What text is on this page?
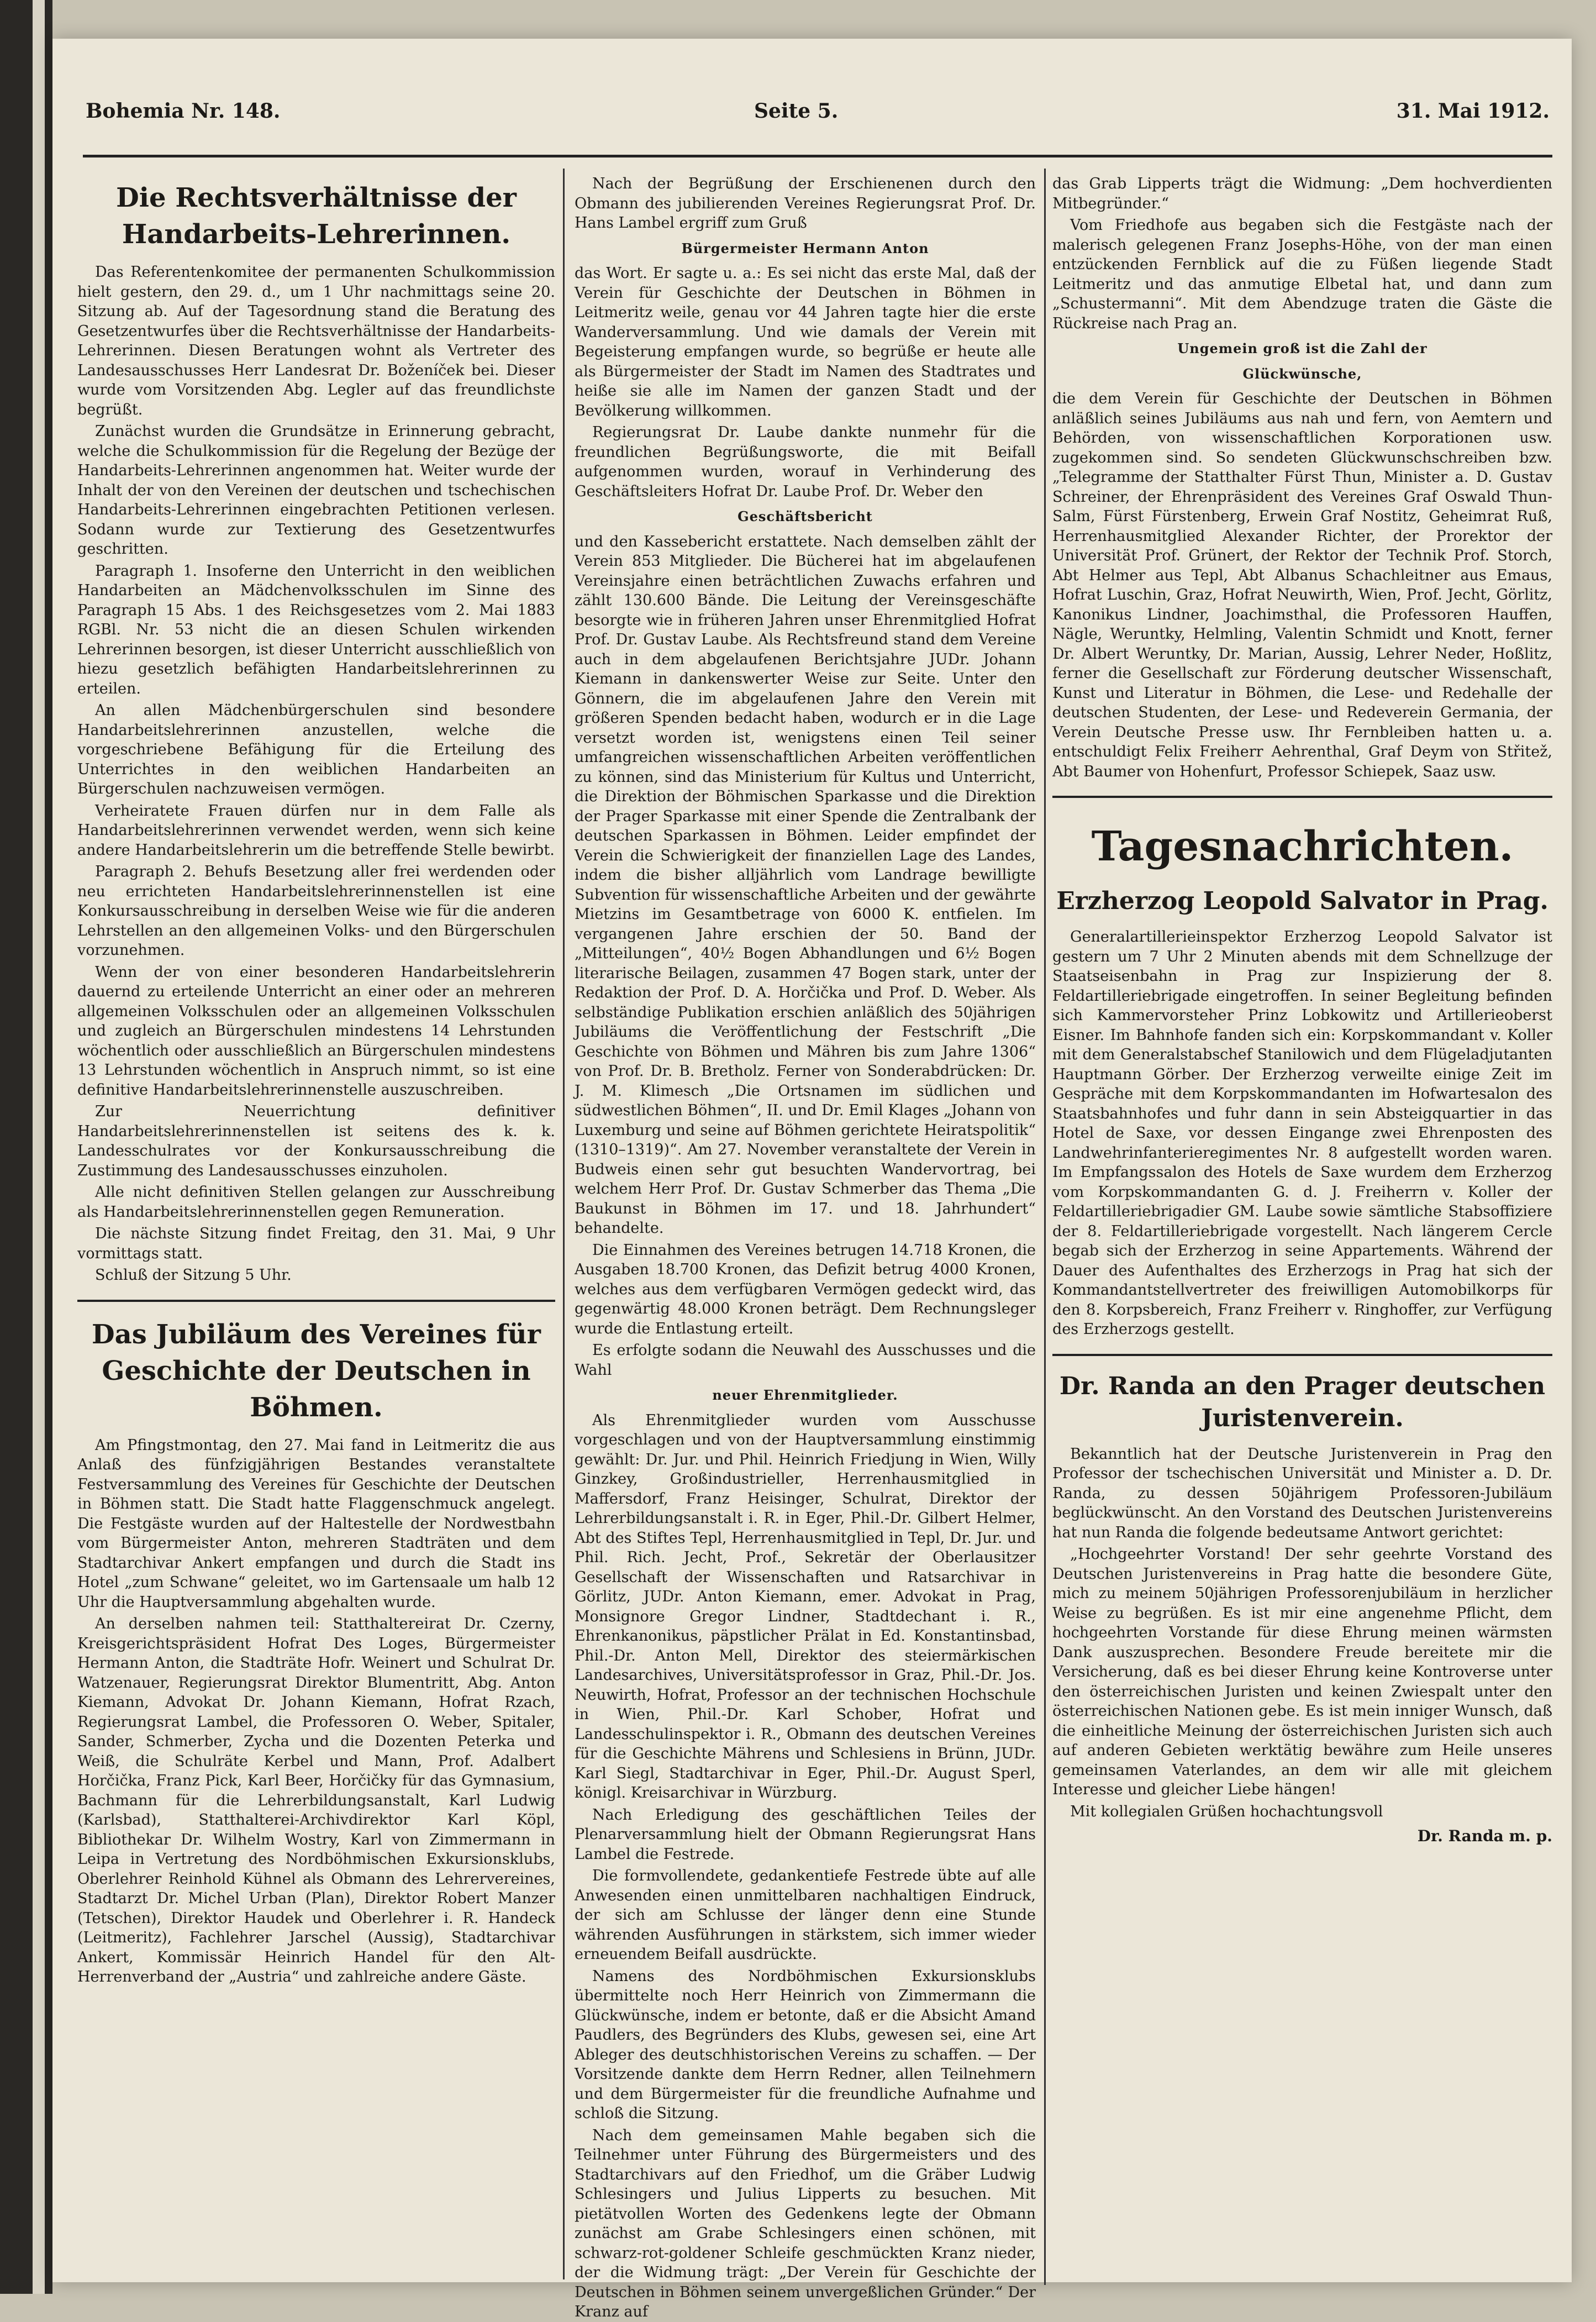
Bohemia Nr. 148.	Seite 5.	31. Mai 1912.
Die Rechtsverhältnisse der Handarbeits-Lehrerinnen.

Das Referentenkomitee der permanenten Schulkommission hielt gestern, den 29. d., um 1 Uhr nachmittags seine 20. Sitzung ab. Auf der Tagesordnung stand die Beratung des Gesetzentwurfes über die Rechtsverhältnisse der Handarbeits-Lehrerinnen. Diesen Beratungen wohnt als Vertreter des Landesausschusses Herr Landesrat Dr. Boženíček bei. Dieser wurde vom Vorsitzenden Abg. Legler auf das freundlichste begrüßt.

Zunächst wurden die Grundsätze in Erinnerung gebracht, welche die Schulkommission für die Regelung der Bezüge der Handarbeits-Lehrerinnen angenommen hat. Weiter wurde der Inhalt der von den Vereinen der deutschen und tschechischen Handarbeits-Lehrerinnen eingebrachten Petitionen verlesen. Sodann wurde zur Textierung des Gesetzentwurfes geschritten.

Paragraph 1. Insoferne den Unterricht in den weiblichen Handarbeiten an Mädchenvolksschulen im Sinne des Paragraph 15 Abs. 1 des Reichsgesetzes vom 2. Mai 1883 RGBl. Nr. 53 nicht die an diesen Schulen wirkenden Lehrerinnen besorgen, ist dieser Unterricht ausschließlich von hiezu gesetzlich befähigten Handarbeitslehrerinnen zu erteilen.

An allen Mädchenbürgerschulen sind besondere Handarbeitslehrerinnen anzustellen, welche die vorgeschriebene Befähigung für die Erteilung des Unterrichtes in den weiblichen Handarbeiten an Bürgerschulen nachzuweisen vermögen.

Verheiratete Frauen dürfen nur in dem Falle als Handarbeitslehrerinnen verwendet werden, wenn sich keine andere Handarbeitslehrerin um die betreffende Stelle bewirbt.

Paragraph 2. Behufs Besetzung aller frei werdenden oder neu errichteten Handarbeitslehrerinnenstellen ist eine Konkursausschreibung in derselben Weise wie für die anderen Lehrstellen an den allgemeinen Volks- und den Bürgerschulen vorzunehmen.

Wenn der von einer besonderen Handarbeitslehrerin dauernd zu erteilende Unterricht an einer oder an mehreren allgemeinen Volksschulen oder an allgemeinen Volksschulen und zugleich an Bürgerschulen mindestens 14 Lehrstunden wöchentlich oder ausschließlich an Bürgerschulen mindestens 13 Lehrstunden wöchentlich in Anspruch nimmt, so ist eine definitive Handarbeitslehrerinnenstelle auszuschreiben.

Zur Neuerrichtung definitiver Handarbeitslehrerinnenstellen ist seitens des k. k. Landesschulrates vor der Konkursausschreibung die Zustimmung des Landesausschusses einzuholen.

Alle nicht definitiven Stellen gelangen zur Ausschreibung als Handarbeitslehrerinnenstellen gegen Remuneration.

Die nächste Sitzung findet Freitag, den 31. Mai, 9 Uhr vormittags statt.

Schluß der Sitzung 5 Uhr.

Das Jubiläum des Vereines für Geschichte der Deutschen in Böhmen.

Am Pfingstmontag, den 27. Mai fand in Leitmeritz die aus Anlaß des fünfzigjährigen Bestandes veranstaltete Festversammlung des Vereines für Geschichte der Deutschen in Böhmen statt. Die Stadt hatte Flaggenschmuck angelegt. Die Festgäste wurden auf der Haltestelle der Nordwestbahn vom Bürgermeister Anton, mehreren Stadträten und dem Stadtarchivar Ankert empfangen und durch die Stadt ins Hotel „zum Schwane“ geleitet, wo im Gartensaale um halb 12 Uhr die Hauptversammlung abgehalten wurde.

An derselben nahmen teil: Statthaltereirat Dr. Czerny, Kreisgerichtspräsident Hofrat Des Loges, Bürgermeister Hermann Anton, die Stadträte Hofr. Weinert und Schulrat Dr. Watzenauer, Regierungsrat Direktor Blumentritt, Abg. Anton Kiemann, Advokat Dr. Johann Kiemann, Hofrat Rzach, Regierungsrat Lambel, die Professoren O. Weber, Spitaler, Sander, Schmerber, Zycha und die Dozenten Peterka und Weiß, die Schulräte Kerbel und Mann, Prof. Adalbert Horčička, Franz Pick, Karl Beer, Horčičky für das Gymnasium, Bachmann für die Lehrerbildungsanstalt, Karl Ludwig (Karlsbad), Statthalterei-Archivdirektor Karl Köpl, Bibliothekar Dr. Wilhelm Wostry, Karl von Zimmermann in Leipa in Vertretung des Nordböhmischen Exkursionsklubs, Oberlehrer Reinhold Kühnel als Obmann des Lehrervereines, Stadtarzt Dr. Michel Urban (Plan), Direktor Robert Manzer (Tetschen), Direktor Haudek und Oberlehrer i. R. Handeck (Leitmeritz), Fachlehrer Jarschel (Aussig), Stadtarchivar Ankert, Kommissär Heinrich Handel für den Alt-Herrenverband der „Austria“ und zahlreiche andere Gäste.

Nach der Begrüßung der Erschienenen durch den Obmann des jubilierenden Vereines Regierungsrat Prof. Dr. Hans Lambel ergriff zum Gruß

Bürgermeister Hermann Anton

das Wort. Er sagte u. a.: Es sei nicht das erste Mal, daß der Verein für Geschichte der Deutschen in Böhmen in Leitmeritz weile, genau vor 44 Jahren tagte hier die erste Wanderversammlung. Und wie damals der Verein mit Begeisterung empfangen wurde, so begrüße er heute alle als Bürgermeister der Stadt im Namen des Stadtrates und heiße sie alle im Namen der ganzen Stadt und der Bevölkerung willkommen.

Regierungsrat Dr. Laube dankte nunmehr für die freundlichen Begrüßungsworte, die mit Beifall aufgenommen wurden, worauf in Verhinderung des Geschäftsleiters Hofrat Dr. Laube Prof. Dr. Weber den

Geschäftsbericht

und den Kassebericht erstattete. Nach demselben zählt der Verein 853 Mitglieder. Die Bücherei hat im abgelaufenen Vereinsjahre einen beträchtlichen Zuwachs erfahren und zählt 130.600 Bände. Die Leitung der Vereinsgeschäfte besorgte wie in früheren Jahren unser Ehrenmitglied Hofrat Prof. Dr. Gustav Laube. Als Rechtsfreund stand dem Vereine auch in dem abgelaufenen Berichtsjahre JUDr. Johann Kiemann in dankenswerter Weise zur Seite. Unter den Gönnern, die im abgelaufenen Jahre den Verein mit größeren Spenden bedacht haben, wodurch er in die Lage versetzt worden ist, wenigstens einen Teil seiner umfangreichen wissenschaftlichen Arbeiten veröffentlichen zu können, sind das Ministerium für Kultus und Unterricht, die Direktion der Böhmischen Sparkasse und die Direktion der Prager Sparkasse mit einer Spende die Zentralbank der deutschen Sparkassen in Böhmen. Leider empfindet der Verein die Schwierigkeit der finanziellen Lage des Landes, indem die bisher alljährlich vom Landrage bewilligte Subvention für wissenschaftliche Arbeiten und der gewährte Mietzins im Gesamtbetrage von 6000 K. entfielen. Im vergangenen Jahre erschien der 50. Band der „Mitteilungen“, 40½ Bogen Abhandlungen und 6½ Bogen literarische Beilagen, zusammen 47 Bogen stark, unter der Redaktion der Prof. D. A. Horčička und Prof. D. Weber. Als selbständige Publikation erschien anläßlich des 50jährigen Jubiläums die Veröffentlichung der Festschrift „Die Geschichte von Böhmen und Mähren bis zum Jahre 1306“ von Prof. Dr. B. Bretholz. Ferner von Sonderabdrücken: Dr. J. M. Klimesch „Die Ortsnamen im südlichen und südwestlichen Böhmen“, II. und Dr. Emil Klages „Johann von Luxemburg und seine auf Böhmen gerichtete Heiratspolitik“ (1310–1319)“. Am 27. November veranstaltete der Verein in Budweis einen sehr gut besuchten Wandervortrag, bei welchem Herr Prof. Dr. Gustav Schmerber das Thema „Die Baukunst in Böhmen im 17. und 18. Jahrhundert“ behandelte.

Die Einnahmen des Vereines betrugen 14.718 Kronen, die Ausgaben 18.700 Kronen, das Defizit betrug 4000 Kronen, welches aus dem verfügbaren Vermögen gedeckt wird, das gegenwärtig 48.000 Kronen beträgt. Dem Rechnungsleger wurde die Entlastung erteilt.

Es erfolgte sodann die Neuwahl des Ausschusses und die Wahl

neuer Ehrenmitglieder.

Als Ehrenmitglieder wurden vom Ausschusse vorgeschlagen und von der Hauptversammlung einstimmig gewählt: Dr. Jur. und Phil. Heinrich Friedjung in Wien, Willy Ginzkey, Großindustrieller, Herrenhausmitglied in Maffersdorf, Franz Heisinger, Schulrat, Direktor der Lehrerbildungsanstalt i. R. in Eger, Phil.-Dr. Gilbert Helmer, Abt des Stiftes Tepl, Herrenhausmitglied in Tepl, Dr. Jur. und Phil. Rich. Jecht, Prof., Sekretär der Oberlausitzer Gesellschaft der Wissenschaften und Ratsarchivar in Görlitz, JUDr. Anton Kiemann, emer. Advokat in Prag, Monsignore Gregor Lindner, Stadtdechant i. R., Ehrenkanonikus, päpstlicher Prälat in Ed. Konstantinsbad, Phil.-Dr. Anton Mell, Direktor des steiermärkischen Landesarchives, Universitätsprofessor in Graz, Phil.-Dr. Jos. Neuwirth, Hofrat, Professor an der technischen Hochschule in Wien, Phil.-Dr. Karl Schober, Hofrat und Landesschulinspektor i. R., Obmann des deutschen Vereines für die Geschichte Mährens und Schlesiens in Brünn, JUDr. Karl Siegl, Stadtarchivar in Eger, Phil.-Dr. August Sperl, königl. Kreisarchivar in Würzburg.

Nach Erledigung des geschäftlichen Teiles der Plenarversammlung hielt der Obmann Regierungsrat Hans Lambel die Festrede.

Die formvollendete, gedankentiefe Festrede übte auf alle Anwesenden einen unmittelbaren nachhaltigen Eindruck, der sich am Schlusse der länger denn eine Stunde währenden Ausführungen in stärkstem, sich immer wieder erneuendem Beifall ausdrückte.

Namens des Nordböhmischen Exkursionsklubs übermittelte noch Herr Heinrich von Zimmermann die Glückwünsche, indem er betonte, daß er die Absicht Amand Paudlers, des Begründers des Klubs, gewesen sei, eine Art Ableger des deutschhistorischen Vereins zu schaffen. — Der Vorsitzende dankte dem Herrn Redner, allen Teilnehmern und dem Bürgermeister für die freundliche Aufnahme und schloß die Sitzung.

Nach dem gemeinsamen Mahle begaben sich die Teilnehmer unter Führung des Bürgermeisters und des Stadtarchivars auf den Friedhof, um die Gräber Ludwig Schlesingers und Julius Lipperts zu besuchen. Mit pietätvollen Worten des Gedenkens legte der Obmann zunächst am Grabe Schlesingers einen schönen, mit schwarz-rot-goldener Schleife geschmückten Kranz nieder, der die Widmung trägt: „Der Verein für Geschichte der Deutschen in Böhmen seinem unvergeßlichen Gründer.“ Der Kranz auf

das Grab Lipperts trägt die Widmung: „Dem hochverdienten Mitbegründer.“

Vom Friedhofe aus begaben sich die Festgäste nach der malerisch gelegenen Franz Josephs-Höhe, von der man einen entzückenden Fernblick auf die zu Füßen liegende Stadt Leitmeritz und das anmutige Elbetal hat, und dann zum „Schustermanni“. Mit dem Abendzuge traten die Gäste die Rückreise nach Prag an.

Ungemein groß ist die Zahl der

Glückwünsche,

die dem Verein für Geschichte der Deutschen in Böhmen anläßlich seines Jubiläums aus nah und fern, von Aemtern und Behörden, von wissenschaftlichen Korporationen usw. zugekommen sind. So sendeten Glückwunschschreiben bzw. „Telegramme der Statthalter Fürst Thun, Minister a. D. Gustav Schreiner, der Ehrenpräsident des Vereines Graf Oswald Thun-Salm, Fürst Fürstenberg, Erwein Graf Nostitz, Geheimrat Ruß, Herrenhausmitglied Alexander Richter, der Prorektor der Universität Prof. Grünert, der Rektor der Technik Prof. Storch, Abt Helmer aus Tepl, Abt Albanus Schachleitner aus Emaus, Hofrat Luschin, Graz, Hofrat Neuwirth, Wien, Prof. Jecht, Görlitz, Kanonikus Lindner, Joachimsthal, die Professoren Hauffen, Nägle, Weruntky, Helmling, Valentin Schmidt und Knott, ferner Dr. Albert Weruntky, Dr. Marian, Aussig, Lehrer Neder, Hoßlitz, ferner die Gesellschaft zur Förderung deutscher Wissenschaft, Kunst und Literatur in Böhmen, die Lese- und Redehalle der deutschen Studenten, der Lese- und Redeverein Germania, der Verein Deutsche Presse usw. Ihr Fernbleiben hatten u. a. entschuldigt Felix Freiherr Aehrenthal, Graf Deym von Střitež, Abt Baumer von Hohenfurt, Professor Schiepek, Saaz usw.

Tagesnachrichten.
Erzherzog Leopold Salvator in Prag.

Generalartillerieinspektor Erzherzog Leopold Salvator ist gestern um 7 Uhr 2 Minuten abends mit dem Schnellzuge der Staatseisenbahn in Prag zur Inspizierung der 8. Feldartilleriebrigade eingetroffen. In seiner Begleitung befinden sich Kammervorsteher Prinz Lobkowitz und Artillerieoberst Eisner. Im Bahnhofe fanden sich ein: Korpskommandant v. Koller mit dem Generalstabschef Stanilowich und dem Flügeladjutanten Hauptmann Görber. Der Erzherzog verweilte einige Zeit im Gespräche mit dem Korpskommandanten im Hofwartesalon des Staatsbahnhofes und fuhr dann in sein Absteigquartier in das Hotel de Saxe, vor dessen Eingange zwei Ehrenposten des Landwehrinfanterieregimentes Nr. 8 aufgestellt worden waren. Im Empfangssalon des Hotels de Saxe wurdem dem Erzherzog vom Korpskommandanten G. d. J. Freiherrn v. Koller der Feldartilleriebrigadier GM. Laube sowie sämtliche Stabsoffiziere der 8. Feldartilleriebrigade vorgestellt. Nach längerem Cercle begab sich der Erzherzog in seine Appartements. Während der Dauer des Aufenthaltes des Erzherzogs in Prag hat sich der Kommandantstellvertreter des freiwilligen Automobilkorps für den 8. Korpsbereich, Franz Freiherr v. Ringhoffer, zur Verfügung des Erzherzogs gestellt.

Dr. Randa an den Prager deutschen Juristenverein.

Bekanntlich hat der Deutsche Juristenverein in Prag den Professor der tschechischen Universität und Minister a. D. Dr. Randa, zu dessen 50jährigem Professoren-Jubiläum beglückwünscht. An den Vorstand des Deutschen Juristenvereins hat nun Randa die folgende bedeutsame Antwort gerichtet:

„Hochgeehrter Vorstand! Der sehr geehrte Vorstand des Deutschen Juristenvereins in Prag hatte die besondere Güte, mich zu meinem 50jährigen Professorenjubiläum in herzlicher Weise zu begrüßen. Es ist mir eine angenehme Pflicht, dem hochgeehrten Vorstande für diese Ehrung meinen wärmsten Dank auszusprechen. Besondere Freude bereitete mir die Versicherung, daß es bei dieser Ehrung keine Kontroverse unter den österreichischen Juristen und keinen Zwiespalt unter den österreichischen Nationen gebe. Es ist mein inniger Wunsch, daß die einheitliche Meinung der österreichischen Juristen sich auch auf anderen Gebieten werktätig bewähre zum Heile unseres gemeinsamen Vaterlandes, an dem wir alle mit gleichem Interesse und gleicher Liebe hängen!

Mit kollegialen Grüßen hochachtungsvoll

Dr. Randa m. p.
